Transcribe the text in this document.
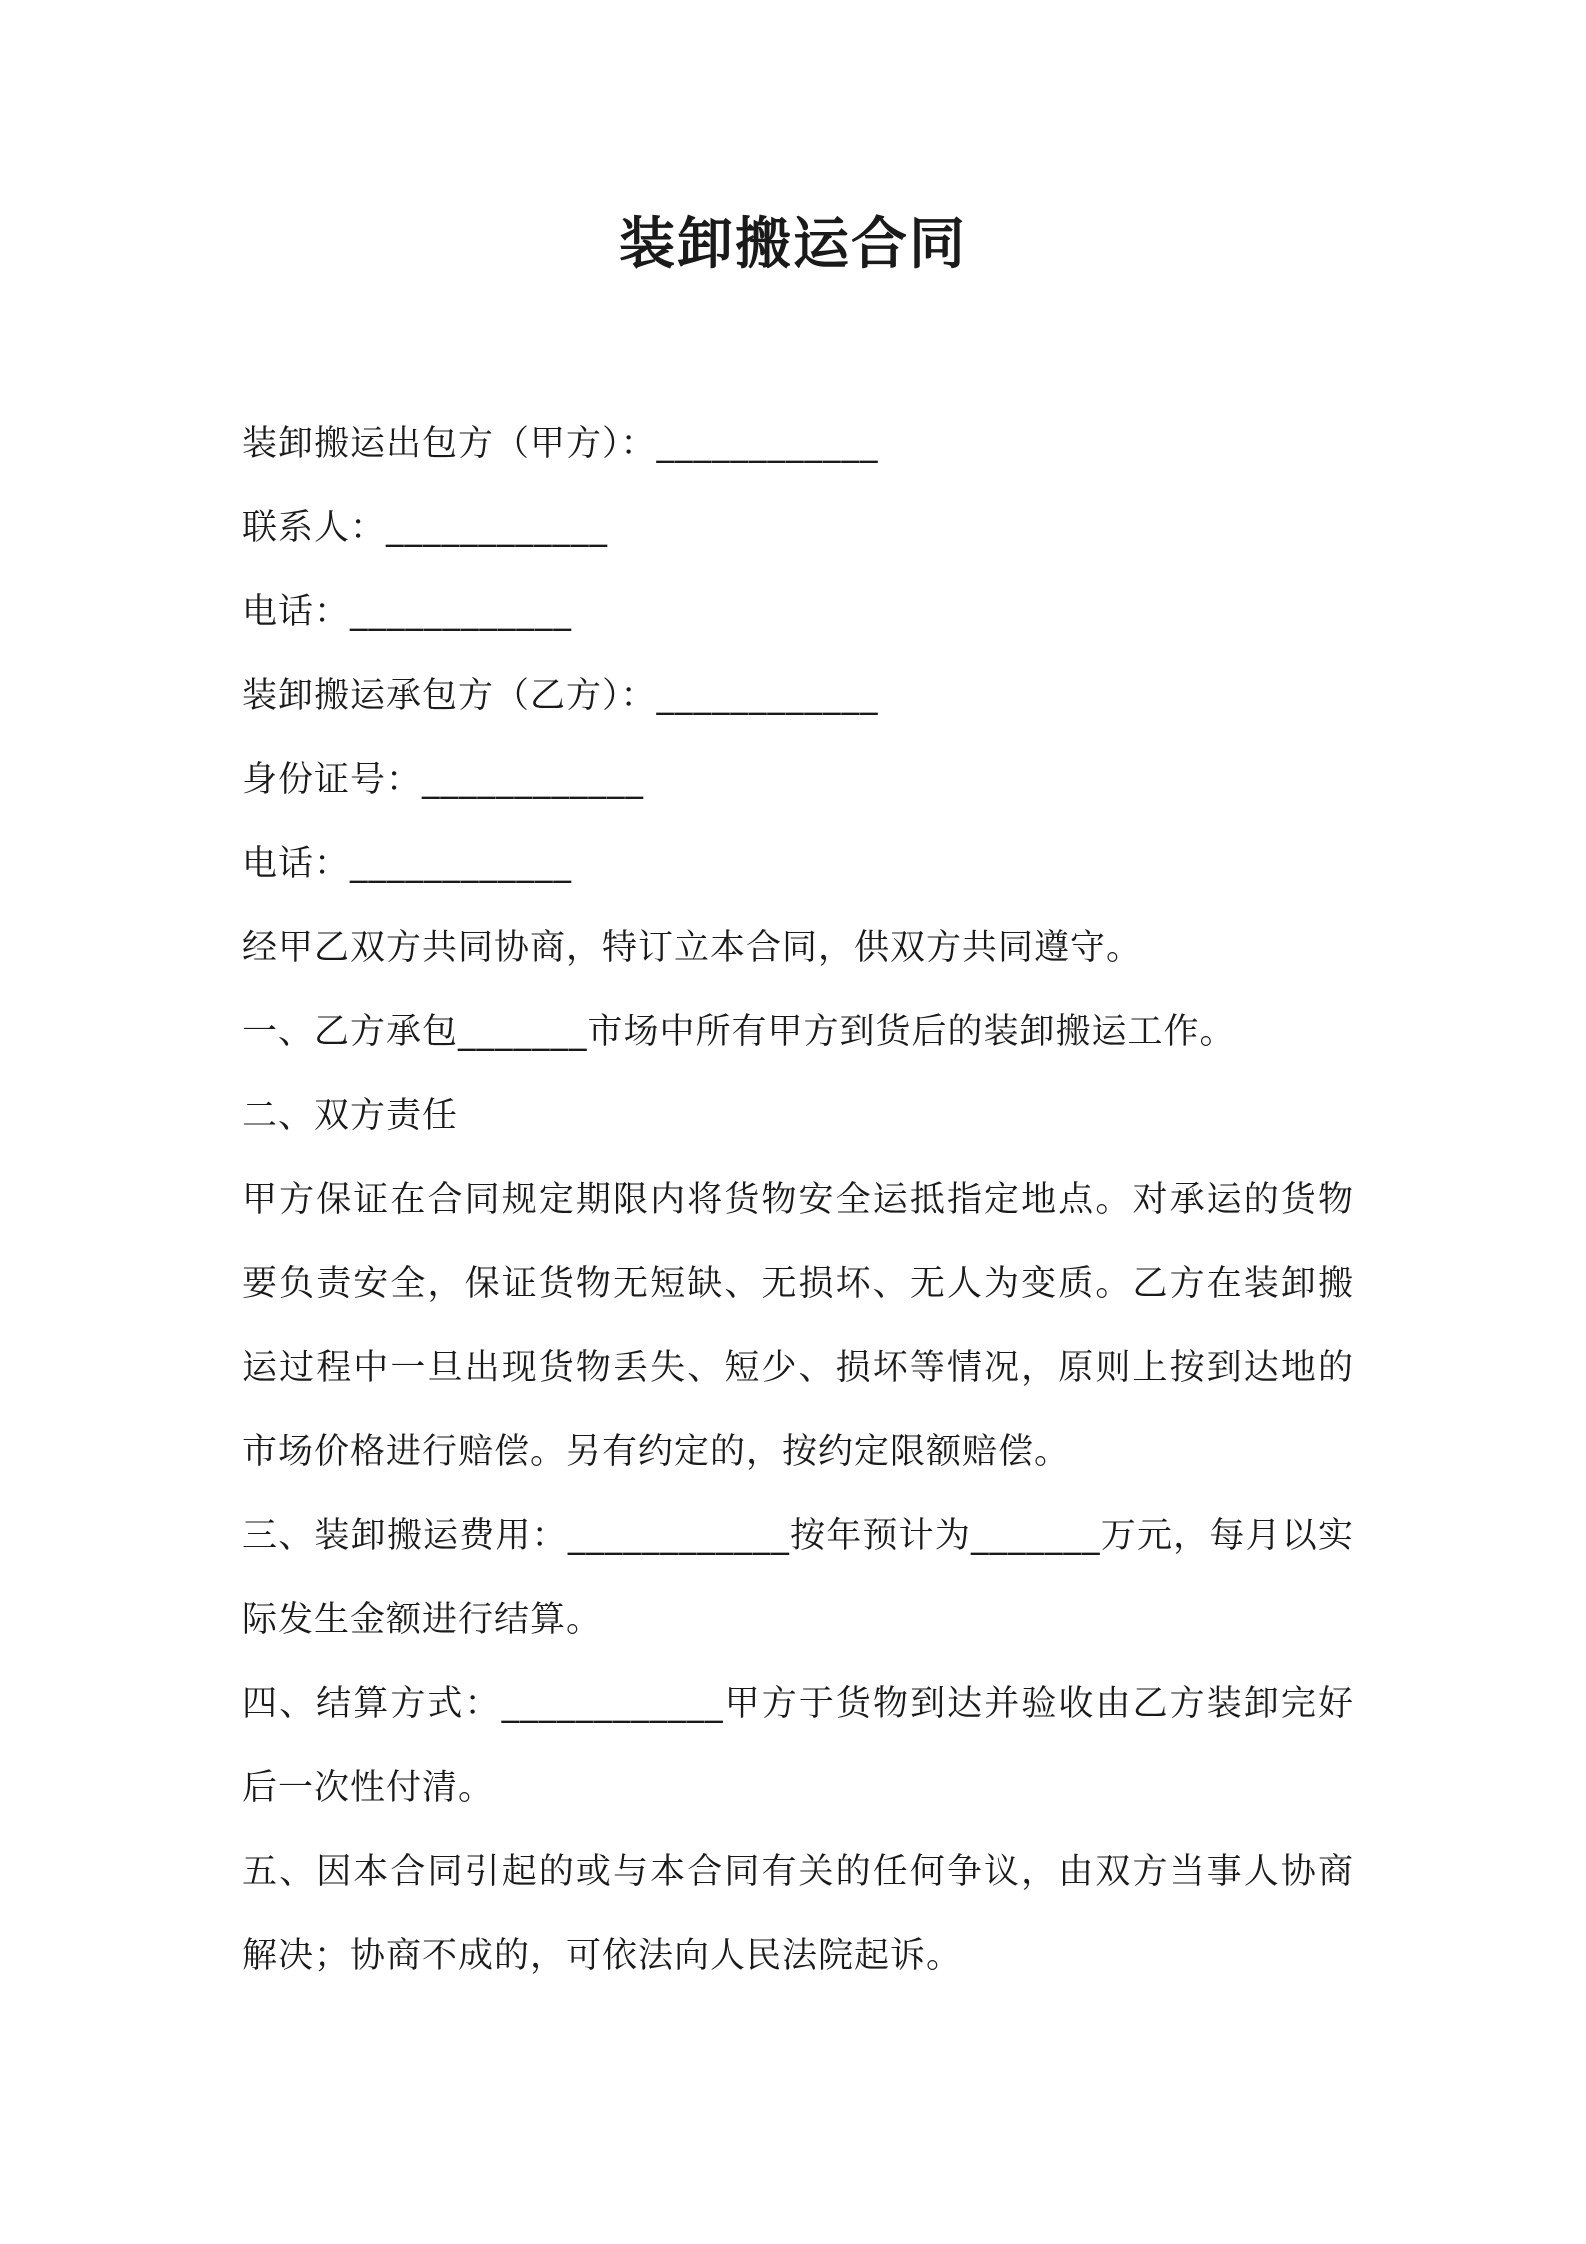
装卸搬运合同
装卸搬运出包方（甲方）：____________
联系人：____________
电话：____________
装卸搬运承包方（乙方）：____________
身份证号：____________
电话：____________
经甲乙双方共同协商，特订立本合同，供双方共同遵守。
一、乙方承包_______市场中所有甲方到货后的装卸搬运工作。
二、双方责任
甲方保证在合同规定期限内将货物安全运抵指定地点。对承运的货物要负责安全，保证货物无短缺、无损坏、无人为变质。乙方在装卸搬运过程中一旦出现货物丢失、短少、损坏等情况，原则上按到达地的市场价格进行赔偿。另有约定的，按约定限额赔偿。
三、装卸搬运费用：____________按年预计为_______万元，每月以实际发生金额进行结算。
四、结算方式：____________甲方于货物到达并验收由乙方装卸完好后一次性付清。
五、因本合同引起的或与本合同有关的任何争议，由双方当事人协商解决；协商不成的，可依法向人民法院起诉。
